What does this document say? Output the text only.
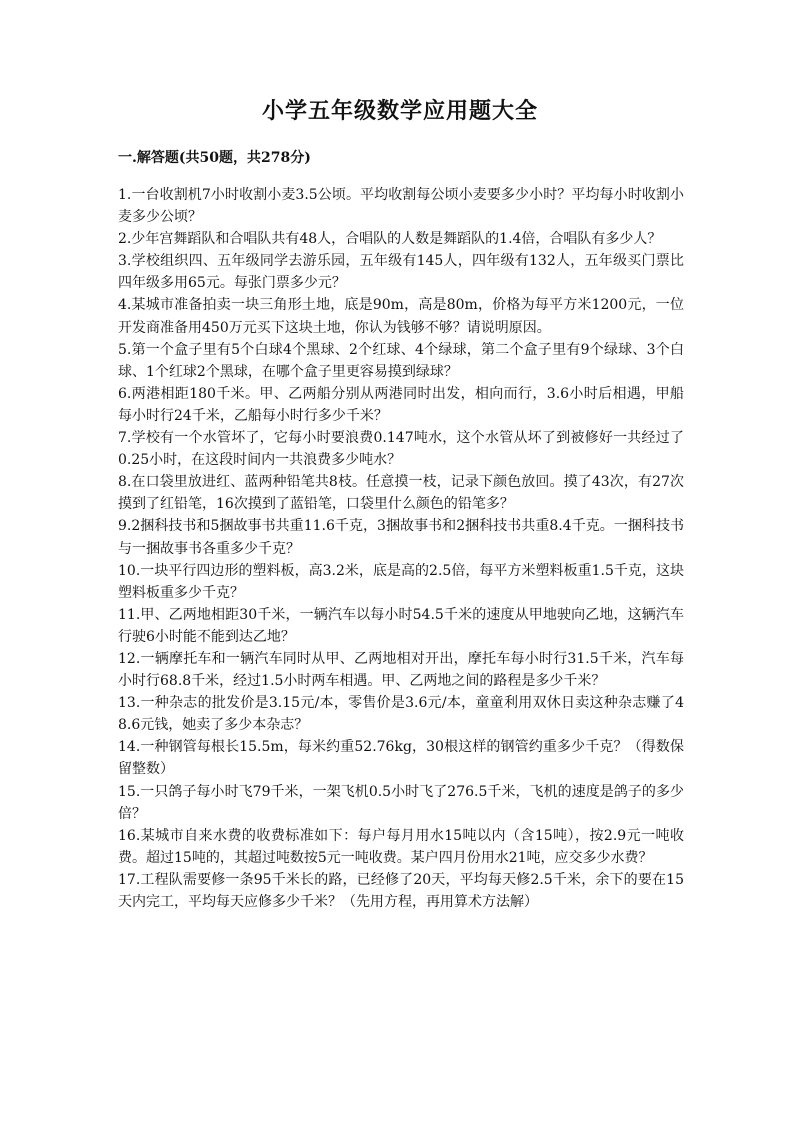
小学五年级数学应用题大全
一.解答题(共50题，共278分)
1.一台收割机7小时收割小麦3.5公顷。平均收割每公顷小麦要多少小时？平均每小时收割小麦多少公顷？
2.少年宫舞蹈队和合唱队共有48人，合唱队的人数是舞蹈队的1.4倍，合唱队有多少人？
3.学校组织四、五年级同学去游乐园，五年级有145人，四年级有132人，五年级买门票比四年级多用65元。每张门票多少元？
4.某城市准备拍卖一块三角形土地，底是90m，高是80m，价格为每平方米1200元，一位开发商准备用450万元买下这块土地，你认为钱够不够？请说明原因。
5.第一个盒子里有5个白球4个黑球、2个红球、4个绿球，第二个盒子里有9个绿球、3个白球、1个红球2个黑球，在哪个盒子里更容易摸到绿球？
6.两港相距180千米。甲、乙两船分别从两港同时出发，相向而行，3.6小时后相遇，甲船每小时行24千米，乙船每小时行多少千米？
7.学校有一个水管坏了，它每小时要浪费0.147吨水，这个水管从坏了到被修好一共经过了0.25小时，在这段时间内一共浪费多少吨水？
8.在口袋里放进红、蓝两种铅笔共8枝。任意摸一枝，记录下颜色放回。摸了43次，有27次摸到了红铅笔，16次摸到了蓝铅笔，口袋里什么颜色的铅笔多？
9.2捆科技书和5捆故事书共重11.6千克，3捆故事书和2捆科技书共重8.4千克。一捆科技书与一捆故事书各重多少千克？
10.一块平行四边形的塑料板，高3.2米，底是高的2.5倍，每平方米塑料板重1.5千克，这块塑料板重多少千克？
11.甲、乙两地相距30千米，一辆汽车以每小时54.5千米的速度从甲地驶向乙地，这辆汽车行驶6小时能不能到达乙地？
12.一辆摩托车和一辆汽车同时从甲、乙两地相对开出，摩托车每小时行31.5千米，汽车每小时行68.8千米，经过1.5小时两车相遇。甲、乙两地之间的路程是多少千米？
13.一种杂志的批发价是3.15元/本，零售价是3.6元/本，童童利用双休日卖这种杂志赚了48.6元钱，她卖了多少本杂志？
14.一种钢管每根长15.5m，每米约重52.76kg，30根这样的钢管约重多少千克？（得数保留整数）
15.一只鸽子每小时飞79千米，一架飞机0.5小时飞了276.5千米，飞机的速度是鸽子的多少倍？
16.某城市自来水费的收费标准如下：每户每月用水15吨以内（含15吨），按2.9元一吨收费。超过15吨的，其超过吨数按5元一吨收费。某户四月份用水21吨，应交多少水费？
17.工程队需要修一条95千米长的路，已经修了20天，平均每天修2.5千米，余下的要在15天内完工，平均每天应修多少千米？（先用方程，再用算术方法解）
